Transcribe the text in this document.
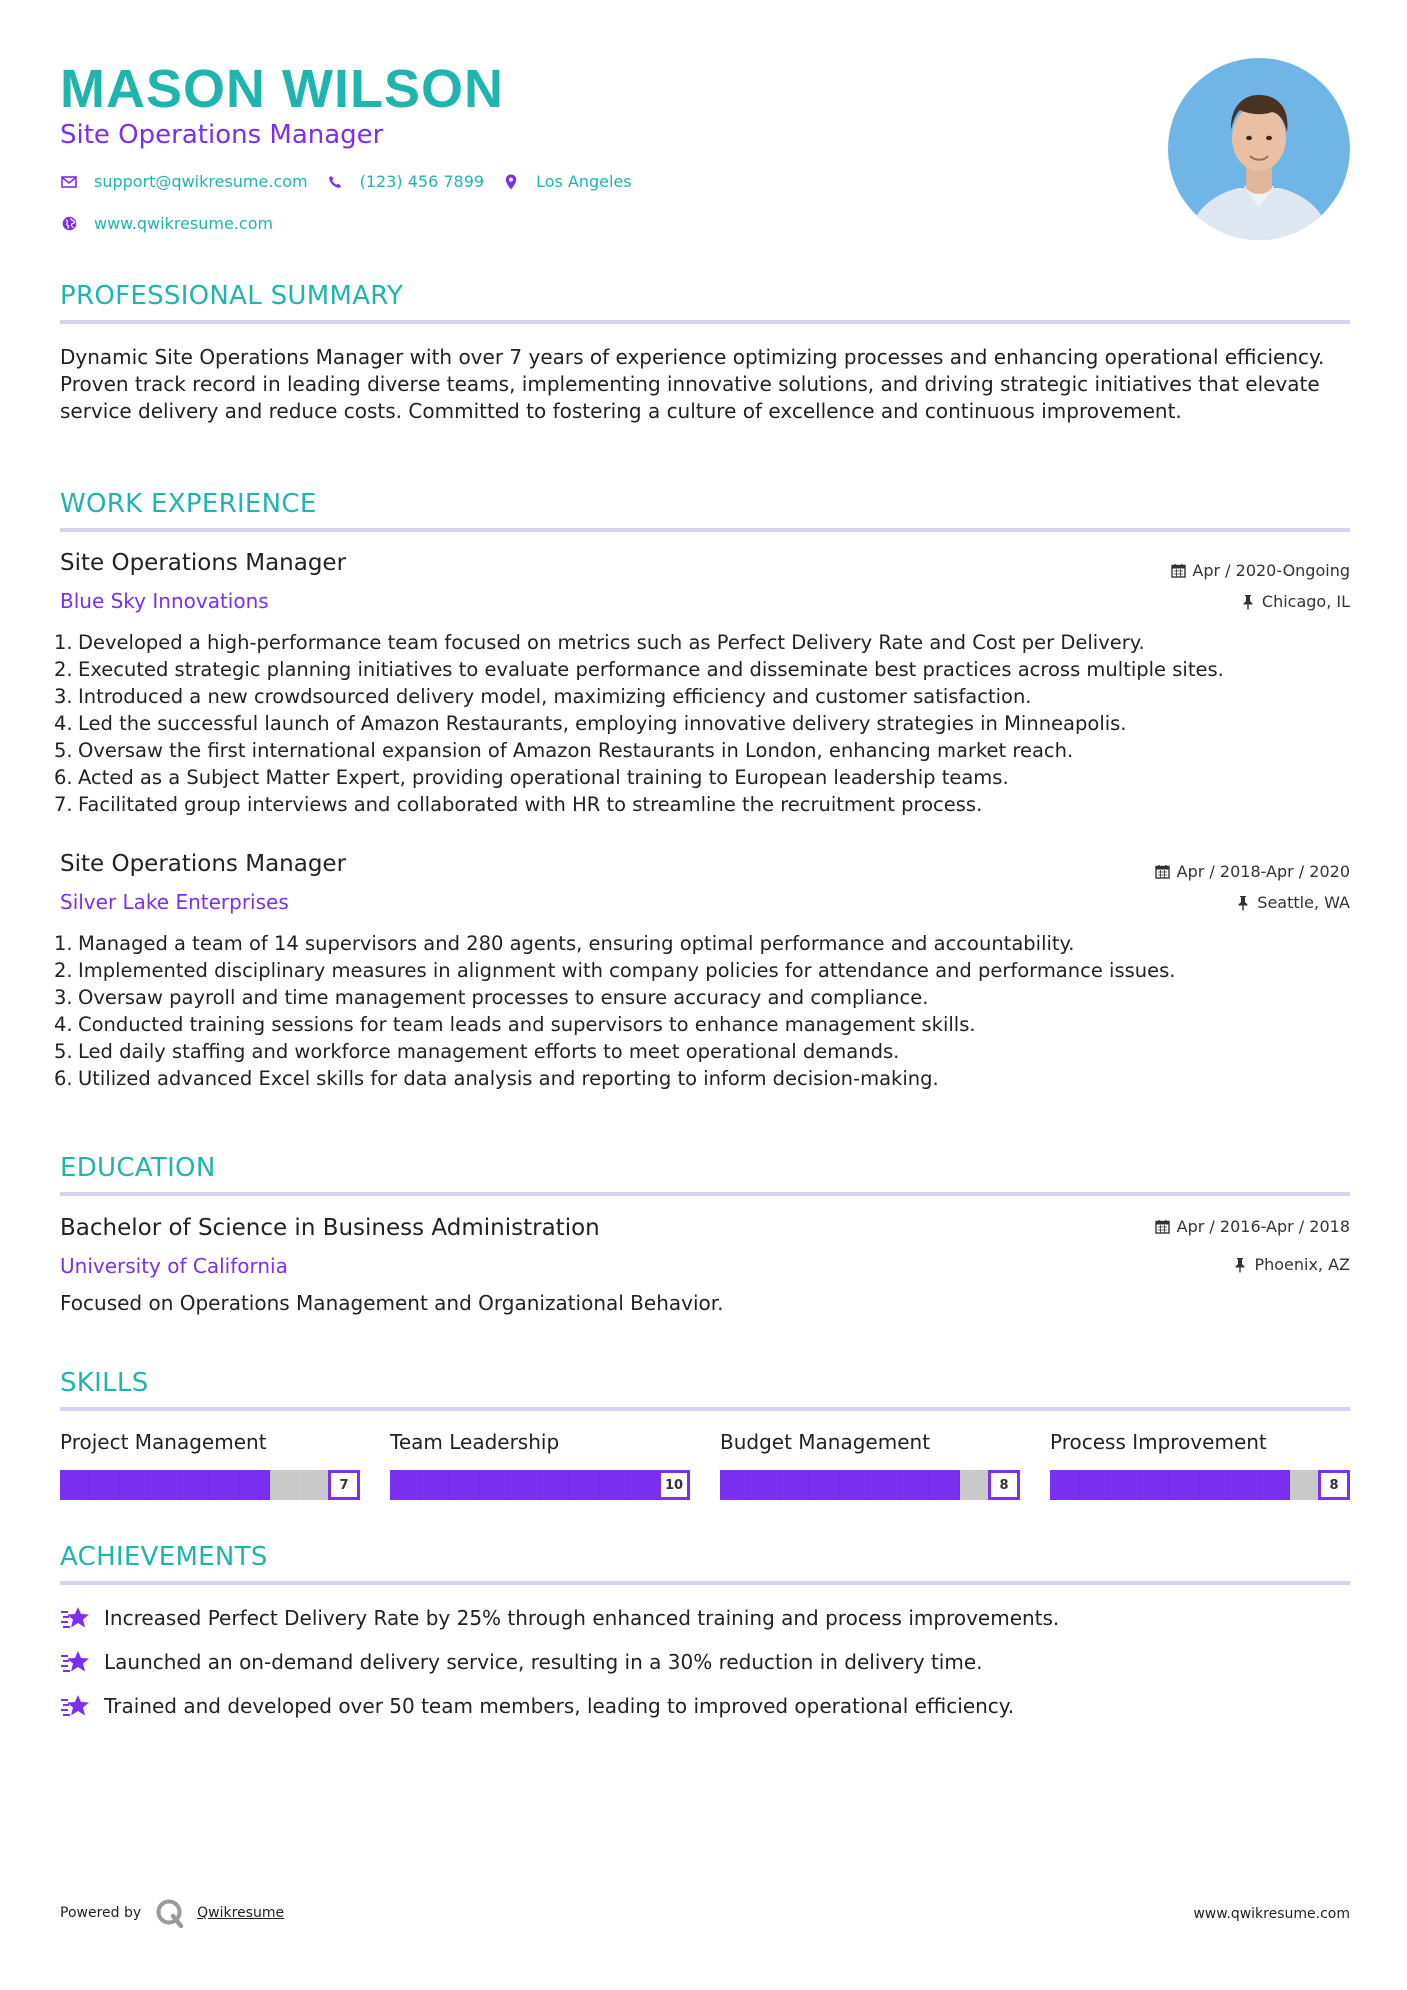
MASON WILSON
Site Operations Manager
support@qwikresume.com	(123) 456 7899	Los Angeles
www.qwikresume.com
PROFESSIONAL SUMMARY
Dynamic Site Operations Manager with over 7 years of experience optimizing processes and enhancing operational efficiency. Proven track record in leading diverse teams, implementing innovative solutions, and driving strategic initiatives that elevate service delivery and reduce costs. Committed to fostering a culture of excellence and continuous improvement.
WORK EXPERIENCE
Site Operations Manager
Blue Sky Innovations
Apr / 2020-Ongoing
Chicago, IL
1. Developed a high-performance team focused on metrics such as Perfect Delivery Rate and Cost per Delivery.
2. Executed strategic planning initiatives to evaluate performance and disseminate best practices across multiple sites.
3. Introduced a new crowdsourced delivery model, maximizing efficiency and customer satisfaction.
4. Led the successful launch of Amazon Restaurants, employing innovative delivery strategies in Minneapolis.
5. Oversaw the first international expansion of Amazon Restaurants in London, enhancing market reach.
6. Acted as a Subject Matter Expert, providing operational training to European leadership teams.
7. Facilitated group interviews and collaborated with HR to streamline the recruitment process.
Site Operations Manager
Silver Lake Enterprises
Apr / 2018-Apr / 2020
Seattle, WA
1. Managed a team of 14 supervisors and 280 agents, ensuring optimal performance and accountability.
2. Implemented disciplinary measures in alignment with company policies for attendance and performance issues.
3. Oversaw payroll and time management processes to ensure accuracy and compliance.
4. Conducted training sessions for team leads and supervisors to enhance management skills.
5. Led daily staffing and workforce management efforts to meet operational demands.
6. Utilized advanced Excel skills for data analysis and reporting to inform decision-making.
EDUCATION
Bachelor of Science in Business Administration
University of California
Apr / 2016-Apr / 2018
Phoenix, AZ
Focused on Operations Management and Organizational Behavior.
SKILLS
Project Management
7
Team Leadership
10
Budget Management
8
Process Improvement
8
ACHIEVEMENTS
Increased Perfect Delivery Rate by 25% through enhanced training and process improvements.
Launched an on-demand delivery service, resulting in a 30% reduction in delivery time.
Trained and developed over 50 team members, leading to improved operational efficiency.
Powered by	Qwikresume	www.qwikresume.com
